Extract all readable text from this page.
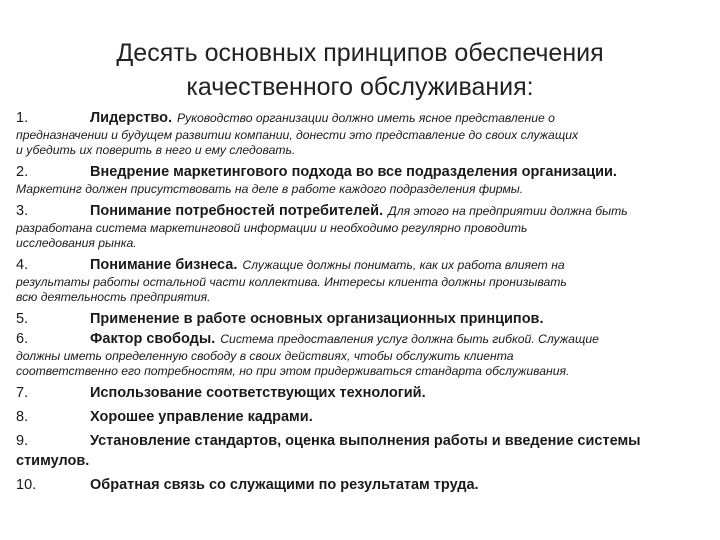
Десять основных принципов обеспечения
качественного обслуживания:
1.	Лидерство. Руководство организации должно иметь ясное представление о
предназначении и будущем развитии компании, донести это представление до своих служащих
и убедить их поверить в него и ему следовать.
2.	Внедрение маркетингового подхода во все подразделения организации.
Маркетинг должен присутствовать на деле в работе каждого подразделения фирмы.
3.	Понимание потребностей потребителей. Для этого на предприятии должна быть
разработана система маркетинговой информации и необходимо регулярно проводить
исследования рынка.
4.	Понимание бизнеса. Служащие должны понимать, как их работа влияет на
результаты работы остальной части коллектива. Интересы клиента должны пронизывать
всю деятельность предприятия.
5.	Применение в работе основных организационных принципов.
6.	Фактор свободы. Система предоставления услуг должна быть гибкой. Служащие
должны иметь определенную свободу в своих действиях, чтобы обслужить клиента
соответственно его потребностям, но при этом придерживаться стандарта обслуживания.
7.	Использование соответствующих технологий.
8.	Хорошее управление кадрами.
9.	Установление стандартов, оценка выполнения работы и введение системы
стимулов.
10.	Обратная связь со служащими по результатам труда.
